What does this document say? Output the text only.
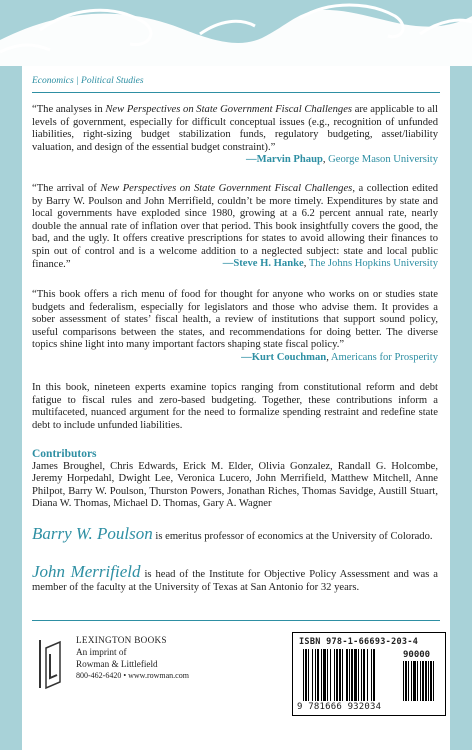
Economics | Political Studies

“The analyses in New Perspectives on State Government Fiscal Challenges are applicable to all levels of government, especially for difficult conceptual issues (e.g., recognition of unfunded liabilities, right-sizing budget stabilization funds, regulatory budgeting, asset/liability valuation, and design of the essential budget constraint).”

—Marvin Phaup, George Mason University

“The arrival of New Perspectives on State Government Fiscal Challenges, a collection edited by Barry W. Poulson and John Merrifield, couldn’t be more timely. Expenditures by state and local governments have exploded since 1980, growing at a 6.2 percent annual rate, nearly double the annual rate of inflation over that period. This book insightfully covers the good, the bad, and the ugly. It offers creative prescriptions for states to avoid allowing their finances to spin out of control and is a welcome addition to a neglected subject: state and local public finance.”	—Steve H. Hanke, The Johns Hopkins University

“This book offers a rich menu of food for thought for anyone who works on or studies state budgets and federalism, especially for legislators and those who advise them. It provides a sober assessment of states’ fiscal health, a review of institutions that support sound policy, useful comparisons between the states, and recommendations for doing better. The diverse topics shine light into many important factors shaping state fiscal policy.”

—Kurt Couchman, Americans for Prosperity

In this book, nineteen experts examine topics ranging from constitutional reform and debt fatigue to fiscal rules and zero-based budgeting. Together, these contributions inform a multifaceted, nuanced argument for the need to formalize spending restraint and redefine state debt to include unfunded liabilities.

Contributors

James Broughel, Chris Edwards, Erick M. Elder, Olivia Gonzalez, Randall G. Holcombe, Jeremy Horpedahl, Dwight Lee, Veronica Lucero, John Merrifield, Matthew Mitchell, Anne Philpot, Barry W. Poulson, Thurston Powers, Jonathan Riches, Thomas Savidge, Austill Stuart, Diana W. Thomas, Michael D. Thomas, Gary A. Wagner

Barry W. Poulson is emeritus professor of economics at the University of Colorado.

John Merrifield is head of the Institute for Objective Policy Assessment and was a member of the faculty at the University of Texas at San Antonio for 32 years.

LEXINGTON BOOKS
An imprint of
Rowman & Littlefield
800-462-6420 • www.rowman.com
ISBN 978-1-66693-203-4
90000
9 781666 932034
